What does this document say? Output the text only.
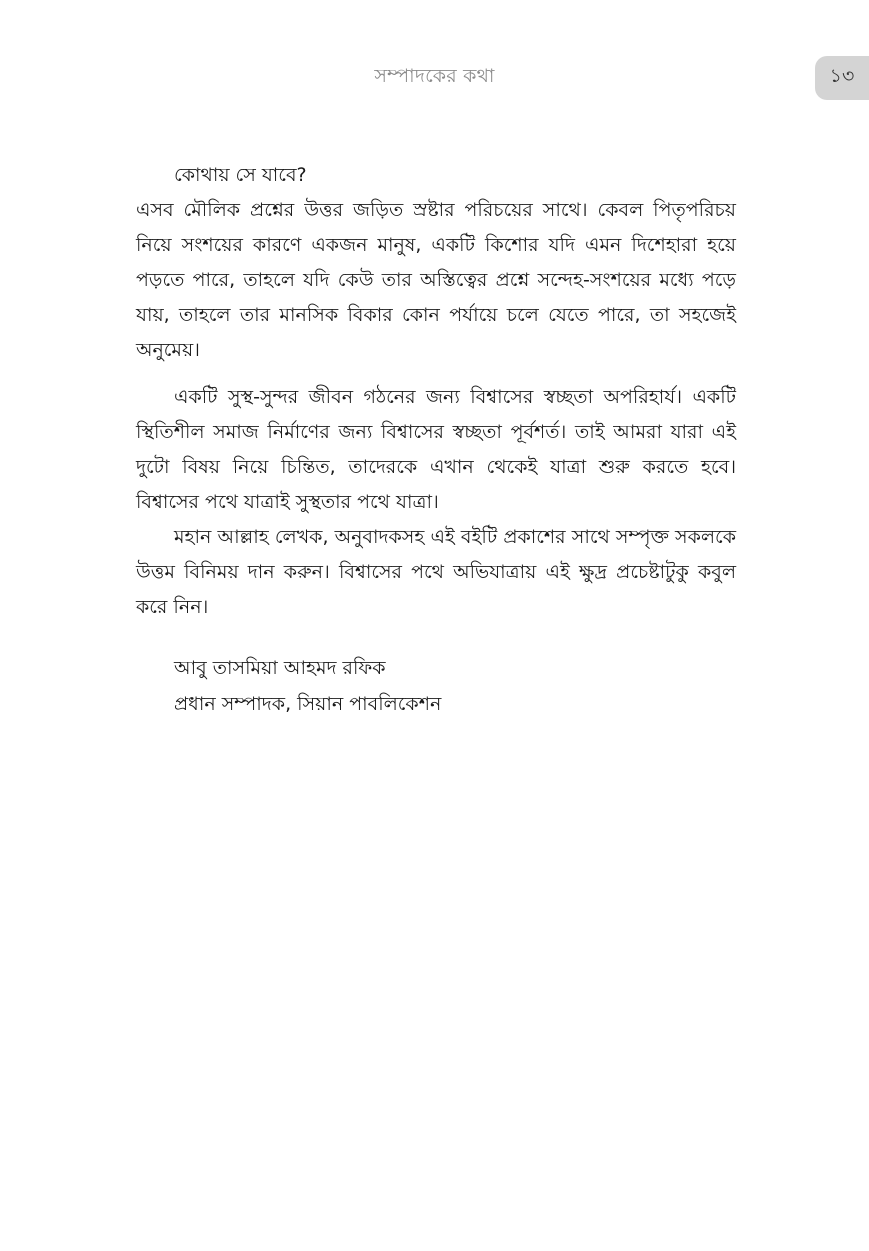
সম্পাদকের কথা	১৩

কোথায় সে যাবে?

এসব মৌলিক প্রশ্নের উত্তর জড়িত স্রষ্টার পরিচয়ের সাথে। কেবল পিতৃপরিচয় নিয়ে সংশয়ের কারণে একজন মানুষ, একটি কিশোর যদি এমন দিশেহারা হয়ে পড়তে পারে, তাহলে যদি কেউ তার অস্তিত্বের প্রশ্নে সন্দেহ-সংশয়ের মধ্যে পড়ে যায়, তাহলে তার মানসিক বিকার কোন পর্যায়ে চলে যেতে পারে, তা সহজেই অনুমেয়।

একটি সুস্থ-সুন্দর জীবন গঠনের জন্য বিশ্বাসের স্বচ্ছতা অপরিহার্য। একটি স্থিতিশীল সমাজ নির্মাণের জন্য বিশ্বাসের স্বচ্ছতা পূর্বশর্ত। তাই আমরা যারা এই দুটো বিষয় নিয়ে চিন্তিত, তাদেরকে এখান থেকেই যাত্রা শুরু করতে হবে। বিশ্বাসের পথে যাত্রাই সুস্থতার পথে যাত্রা।

মহান আল্লাহ লেখক, অনুবাদকসহ এই বইটি প্রকাশের সাথে সম্পৃক্ত সকলকে উত্তম বিনিময় দান করুন। বিশ্বাসের পথে অভিযাত্রায় এই ক্ষুদ্র প্রচেষ্টাটুকু কবুল করে নিন।

আবু তাসমিয়া আহমদ রফিক
প্রধান সম্পাদক, সিয়ান পাবলিকেশন
